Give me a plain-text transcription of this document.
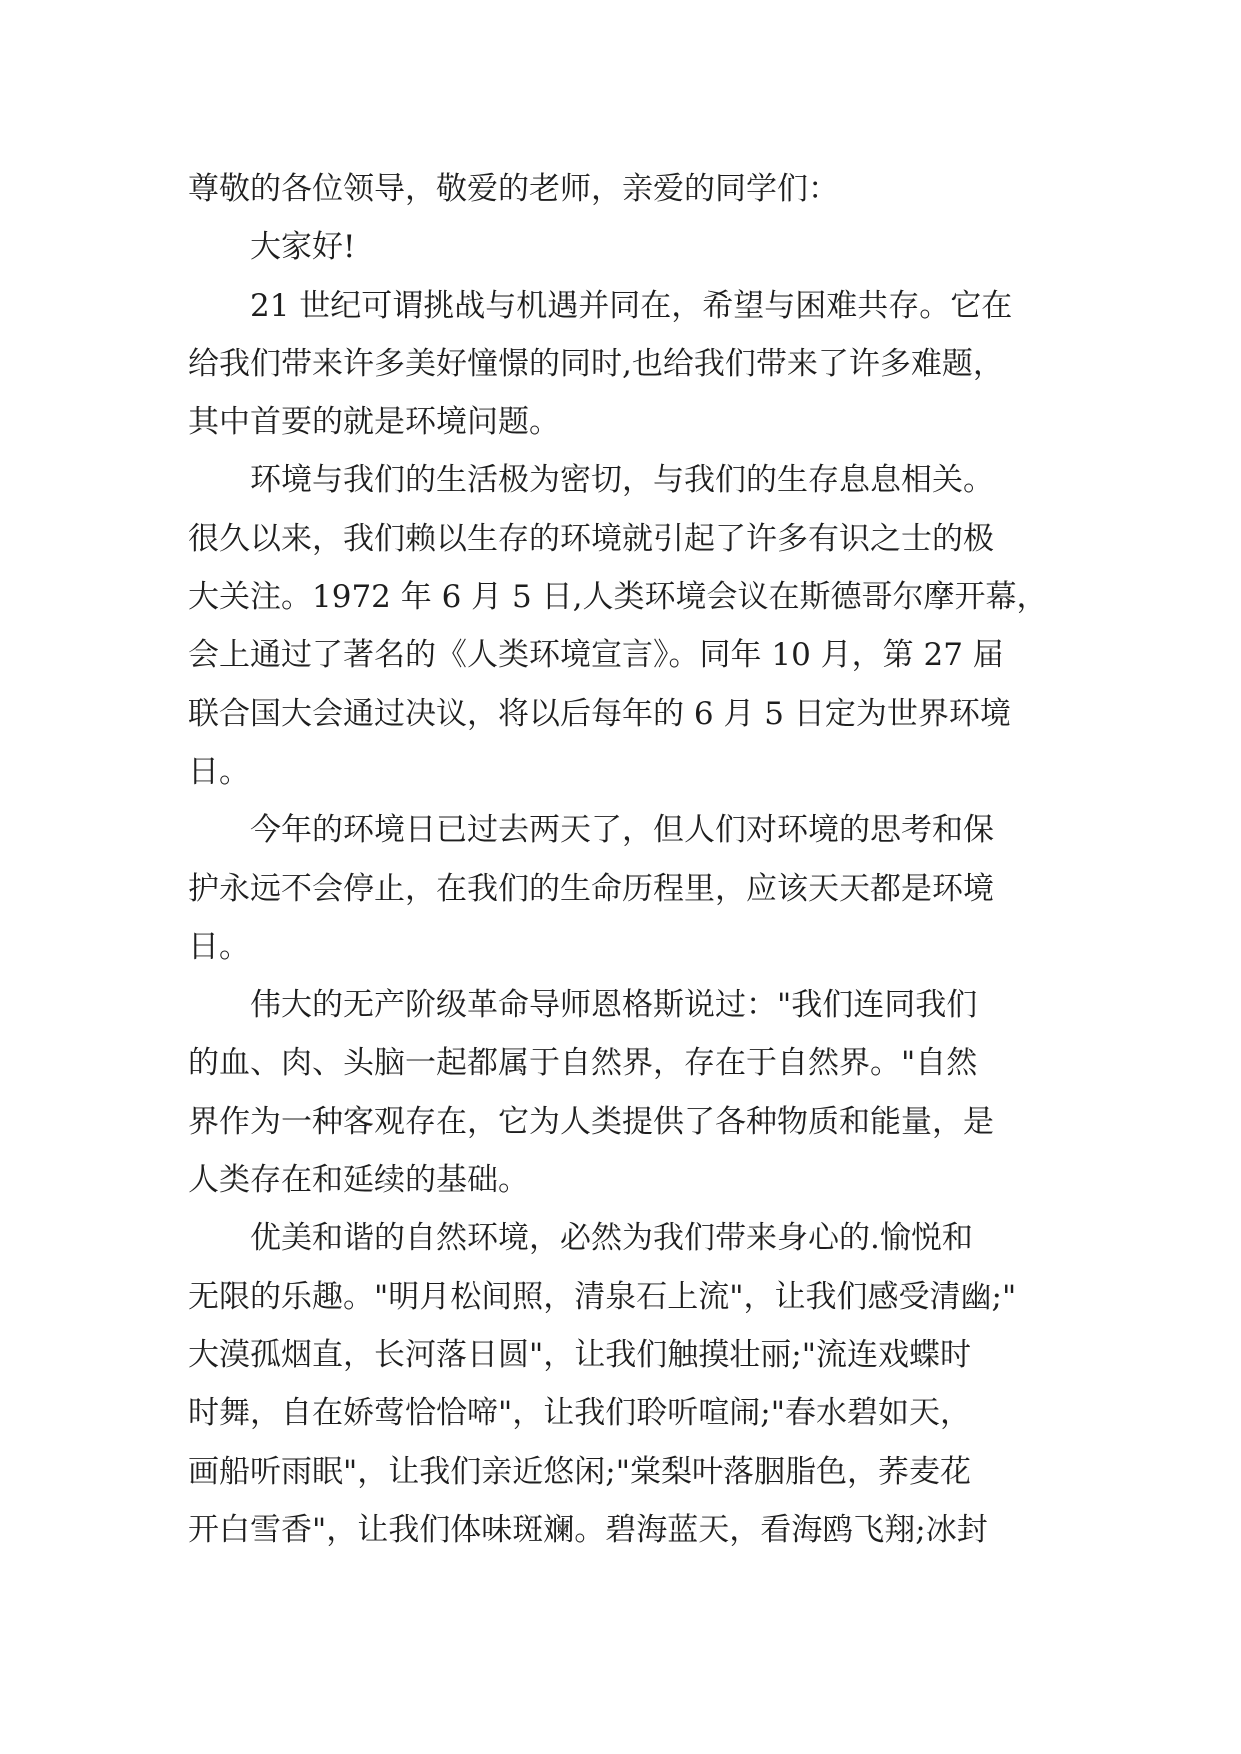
尊敬的各位领导，敬爱的老师，亲爱的同学们：
大家好!
21 世纪可谓挑战与机遇并同在，希望与困难共存。它在
给我们带来许多美好憧憬的同时,也给我们带来了许多难题，
其中首要的就是环境问题。
环境与我们的生活极为密切，与我们的生存息息相关。
很久以来，我们赖以生存的环境就引起了许多有识之士的极
大关注。1972 年 6 月 5 日,人类环境会议在斯德哥尔摩开幕，
会上通过了著名的《人类环境宣言》。同年 10 月，第 27 届
联合国大会通过决议，将以后每年的 6 月 5 日定为世界环境
日。
今年的环境日已过去两天了，但人们对环境的思考和保
护永远不会停止，在我们的生命历程里，应该天天都是环境
日。
伟大的无产阶级革命导师恩格斯说过："我们连同我们
的血、肉、头脑一起都属于自然界，存在于自然界。"自然
界作为一种客观存在，它为人类提供了各种物质和能量，是
人类存在和延续的基础。
优美和谐的自然环境，必然为我们带来身心的.愉悦和
无限的乐趣。"明月松间照，清泉石上流"，让我们感受清幽;"
大漠孤烟直，长河落日圆"，让我们触摸壮丽;"流连戏蝶时
时舞，自在娇莺恰恰啼"，让我们聆听喧闹;"春水碧如天，
画船听雨眠"，让我们亲近悠闲;"棠梨叶落胭脂色，荞麦花
开白雪香"，让我们体味斑斓。碧海蓝天，看海鸥飞翔;冰封
